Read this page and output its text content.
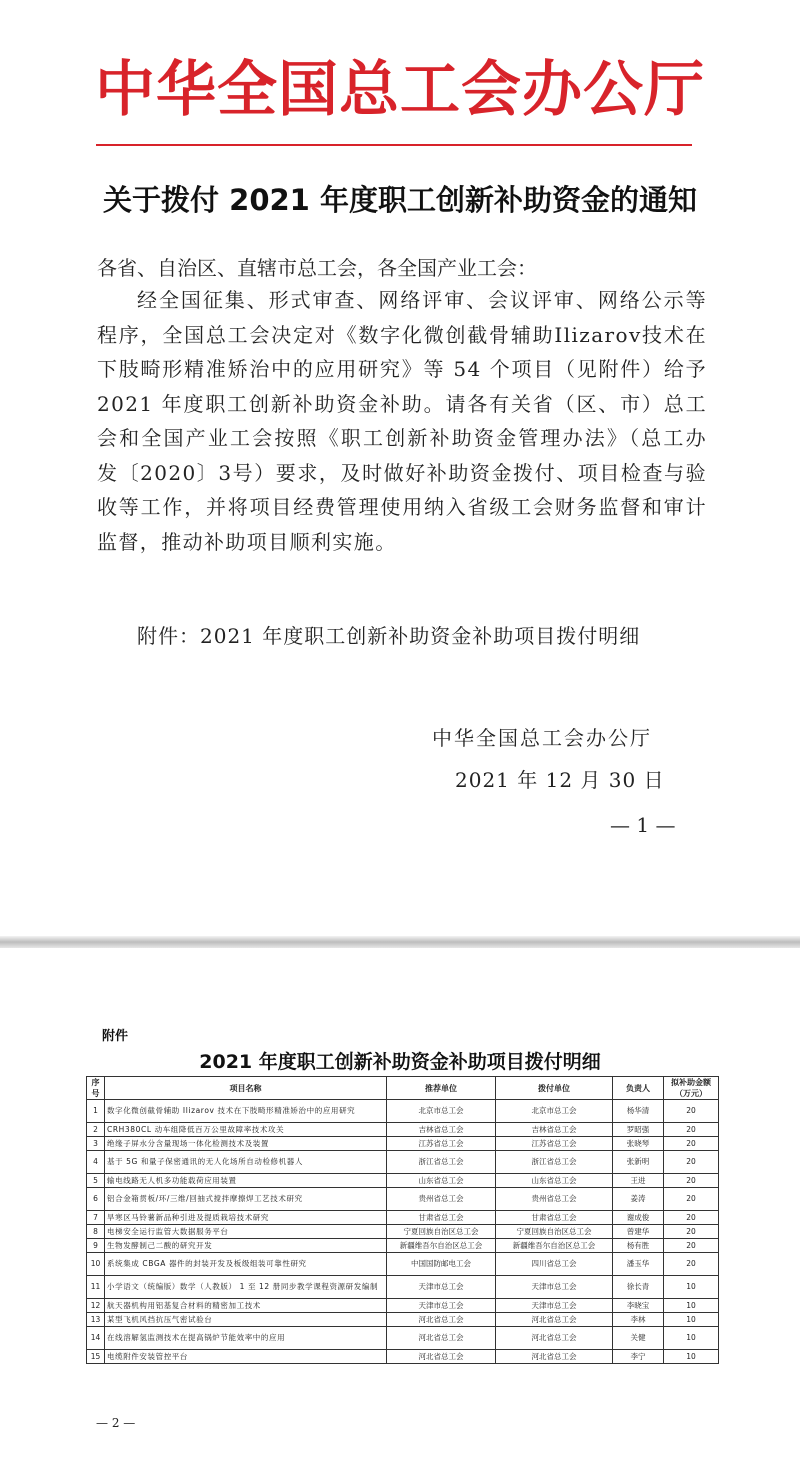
中华全国总工会办公厅
关于拨付 2021 年度职工创新补助资金的通知
各省、自治区、直辖市总工会，各全国产业工会：
经全国征集、形式审查、网络评审、会议评审、网络公示等程序，全国总工会决定对《数字化微创截骨辅助Ilizarov技术在下肢畸形精准矫治中的应用研究》等 54 个项目（见附件）给予 2021 年度职工创新补助资金补助。请各有关省（区、市）总工会和全国产业工会按照《职工创新补助资金管理办法》（总工办发〔2020〕3号）要求，及时做好补助资金拨付、项目检查与验收等工作，并将项目经费管理使用纳入省级工会财务监督和审计监督，推动补助项目顺利实施。
附件：2021 年度职工创新补助资金补助项目拨付明细
中华全国总工会办公厅
2021 年 12 月 30 日
— 1 —
附件
2021 年度职工创新补助资金补助项目拨付明细
序号	项目名称	推荐单位	拨付单位	负责人	拟补助金额（万元）
1	数字化微创截骨辅助 Ilizarov 技术在下肢畸形精准矫治中的应用研究	北京市总工会	北京市总工会	杨华清	20
2	CRH380CL 动车组降低百万公里故障率技术攻关	吉林省总工会	吉林省总工会	罗昭强	20
3	绝缘子屏水分含量现场一体化检测技术及装置	江苏省总工会	江苏省总工会	张晓琴	20
4	基于 5G 和量子保密通讯的无人化场所自动检修机器人	浙江省总工会	浙江省总工会	张新明	20
5	输电线路无人机多功能载荷应用装置	山东省总工会	山东省总工会	王进	20
6	铝合金箱贯板/环/三维/回抽式搅拌摩擦焊工艺技术研究	贵州省总工会	贵州省总工会	姜涛	20
7	旱寒区马铃薯新品种引进及提质栽培技术研究	甘肃省总工会	甘肃省总工会	谢成俊	20
8	电梯安全运行监管大数据服务平台	宁夏回族自治区总工会	宁夏回族自治区总工会	曾建华	20
9	生物发酵制己二酸的研究开发	新疆维吾尔自治区总工会	新疆维吾尔自治区总工会	杨有胜	20
10	系统集成 CBGA 器件的封装开发及板级组装可靠性研究	中国国防邮电工会	四川省总工会	潘玉华	20
11	小学语文（统编版）数学（人教版） 1 至 12 册同步教学课程资源研发编制	天津市总工会	天津市总工会	徐长青	10
12	航天器机构用铝基复合材料的精密加工技术	天津市总工会	天津市总工会	李晓宝	10
13	某型飞机风挡抗压气密试验台	河北省总工会	河北省总工会	李林	10
14	在线溶解氢监测技术在提高锅炉节能效率中的应用	河北省总工会	河北省总工会	关健	10
15	电缆附件安装管控平台	河北省总工会	河北省总工会	李宁	10
— 2 —
